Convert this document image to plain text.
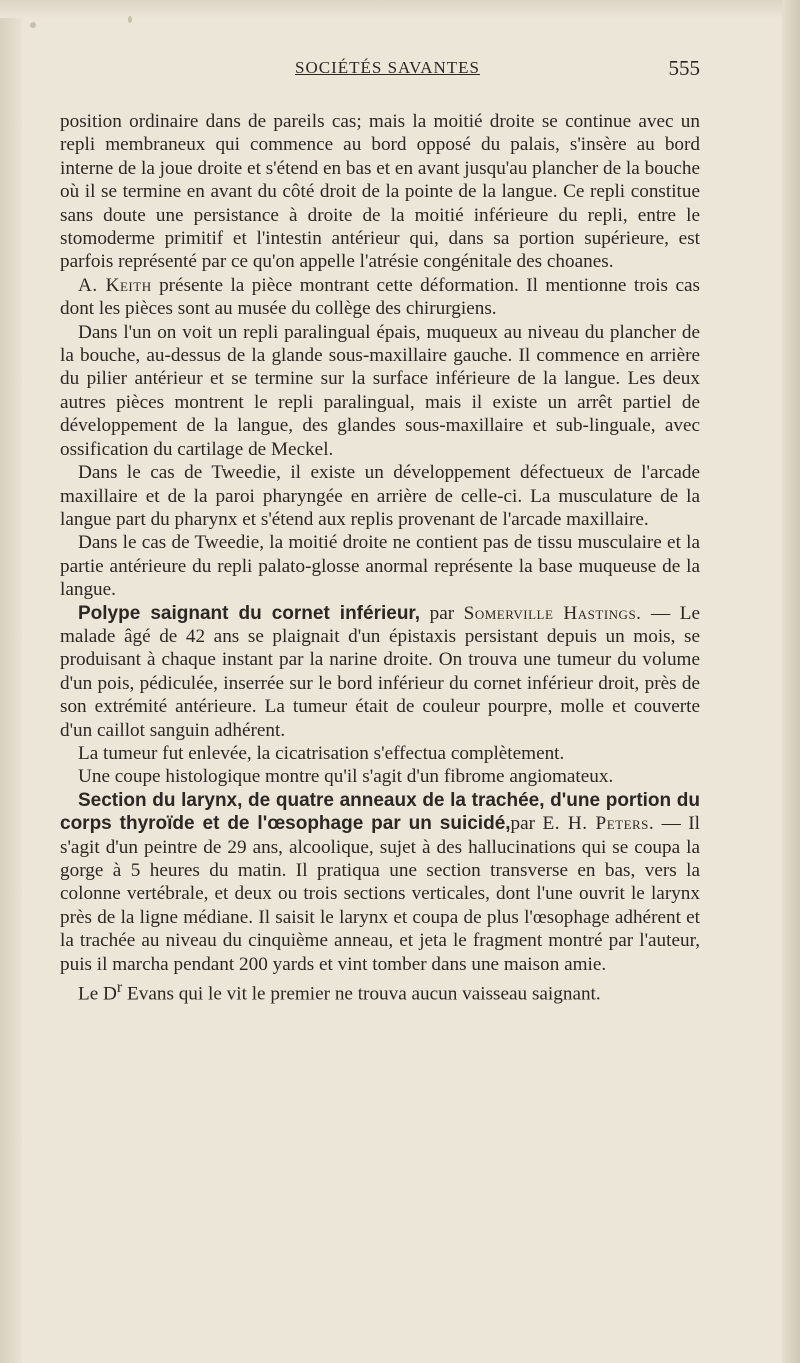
SOCIÉTÉS SAVANTES	555

position ordinaire dans de pareils cas; mais la moitié droite se continue avec un repli membraneux qui commence au bord opposé du palais, s'insère au bord interne de la joue droite et s'étend en bas et en avant jusqu'au plancher de la bouche où il se termine en avant du côté droit de la pointe de la langue. Ce repli constitue sans doute une persistance à droite de la moitié inférieure du repli, entre le stomoderme primitif et l'intestin antérieur qui, dans sa portion supérieure, est parfois représenté par ce qu'on appelle l'atrésie congénitale des choanes.

A. Keith présente la pièce montrant cette déformation. Il mentionne trois cas dont les pièces sont au musée du collège des chirurgiens.

Dans l'un on voit un repli paralingual épais, muqueux au niveau du plancher de la bouche, au-dessus de la glande sous-maxillaire gauche. Il commence en arrière du pilier antérieur et se termine sur la surface inférieure de la langue. Les deux autres pièces montrent le repli paralingual, mais il existe un arrêt partiel de développement de la langue, des glandes sous-maxillaire et sub-linguale, avec ossification du cartilage de Meckel.

Dans le cas de Tweedie, il existe un développement défectueux de l'arcade maxillaire et de la paroi pharyngée en arrière de celle-ci. La musculature de la langue part du pharynx et s'étend aux replis provenant de l'arcade maxillaire.

Dans le cas de Tweedie, la moitié droite ne contient pas de tissu musculaire et la partie antérieure du repli palato-glosse anormal représente la base muqueuse de la langue.

Polype saignant du cornet inférieur, par Somerville Hastings. — Le malade âgé de 42 ans se plaignait d'un épistaxis persistant depuis un mois, se produisant à chaque instant par la narine droite. On trouva une tumeur du volume d'un pois, pédiculée, inserrée sur le bord inférieur du cornet inférieur droit, près de son extrémité antérieure. La tumeur était de couleur pourpre, molle et couverte d'un caillot sanguin adhérent.

La tumeur fut enlevée, la cicatrisation s'effectua complètement.

Une coupe histologique montre qu'il s'agit d'un fibrome angiomateux.

Section du larynx, de quatre anneaux de la trachée, d'une portion du corps thyroïde et de l'œsophage par un suicidé,par E. H. Peters. — Il s'agit d'un peintre de 29 ans, alcoolique, sujet à des hallucinations qui se coupa la gorge à 5 heures du matin. Il pratiqua une section transverse en bas, vers la colonne vertébrale, et deux ou trois sections verticales, dont l'une ouvrit le larynx près de la ligne médiane. Il saisit le larynx et coupa de plus l'œsophage adhérent et la trachée au niveau du cinquième anneau, et jeta le fragment montré par l'auteur, puis il marcha pendant 200 yards et vint tomber dans une maison amie.

Le $D^r$ Evans qui le vit le premier ne trouva aucun vaisseau saignant.
